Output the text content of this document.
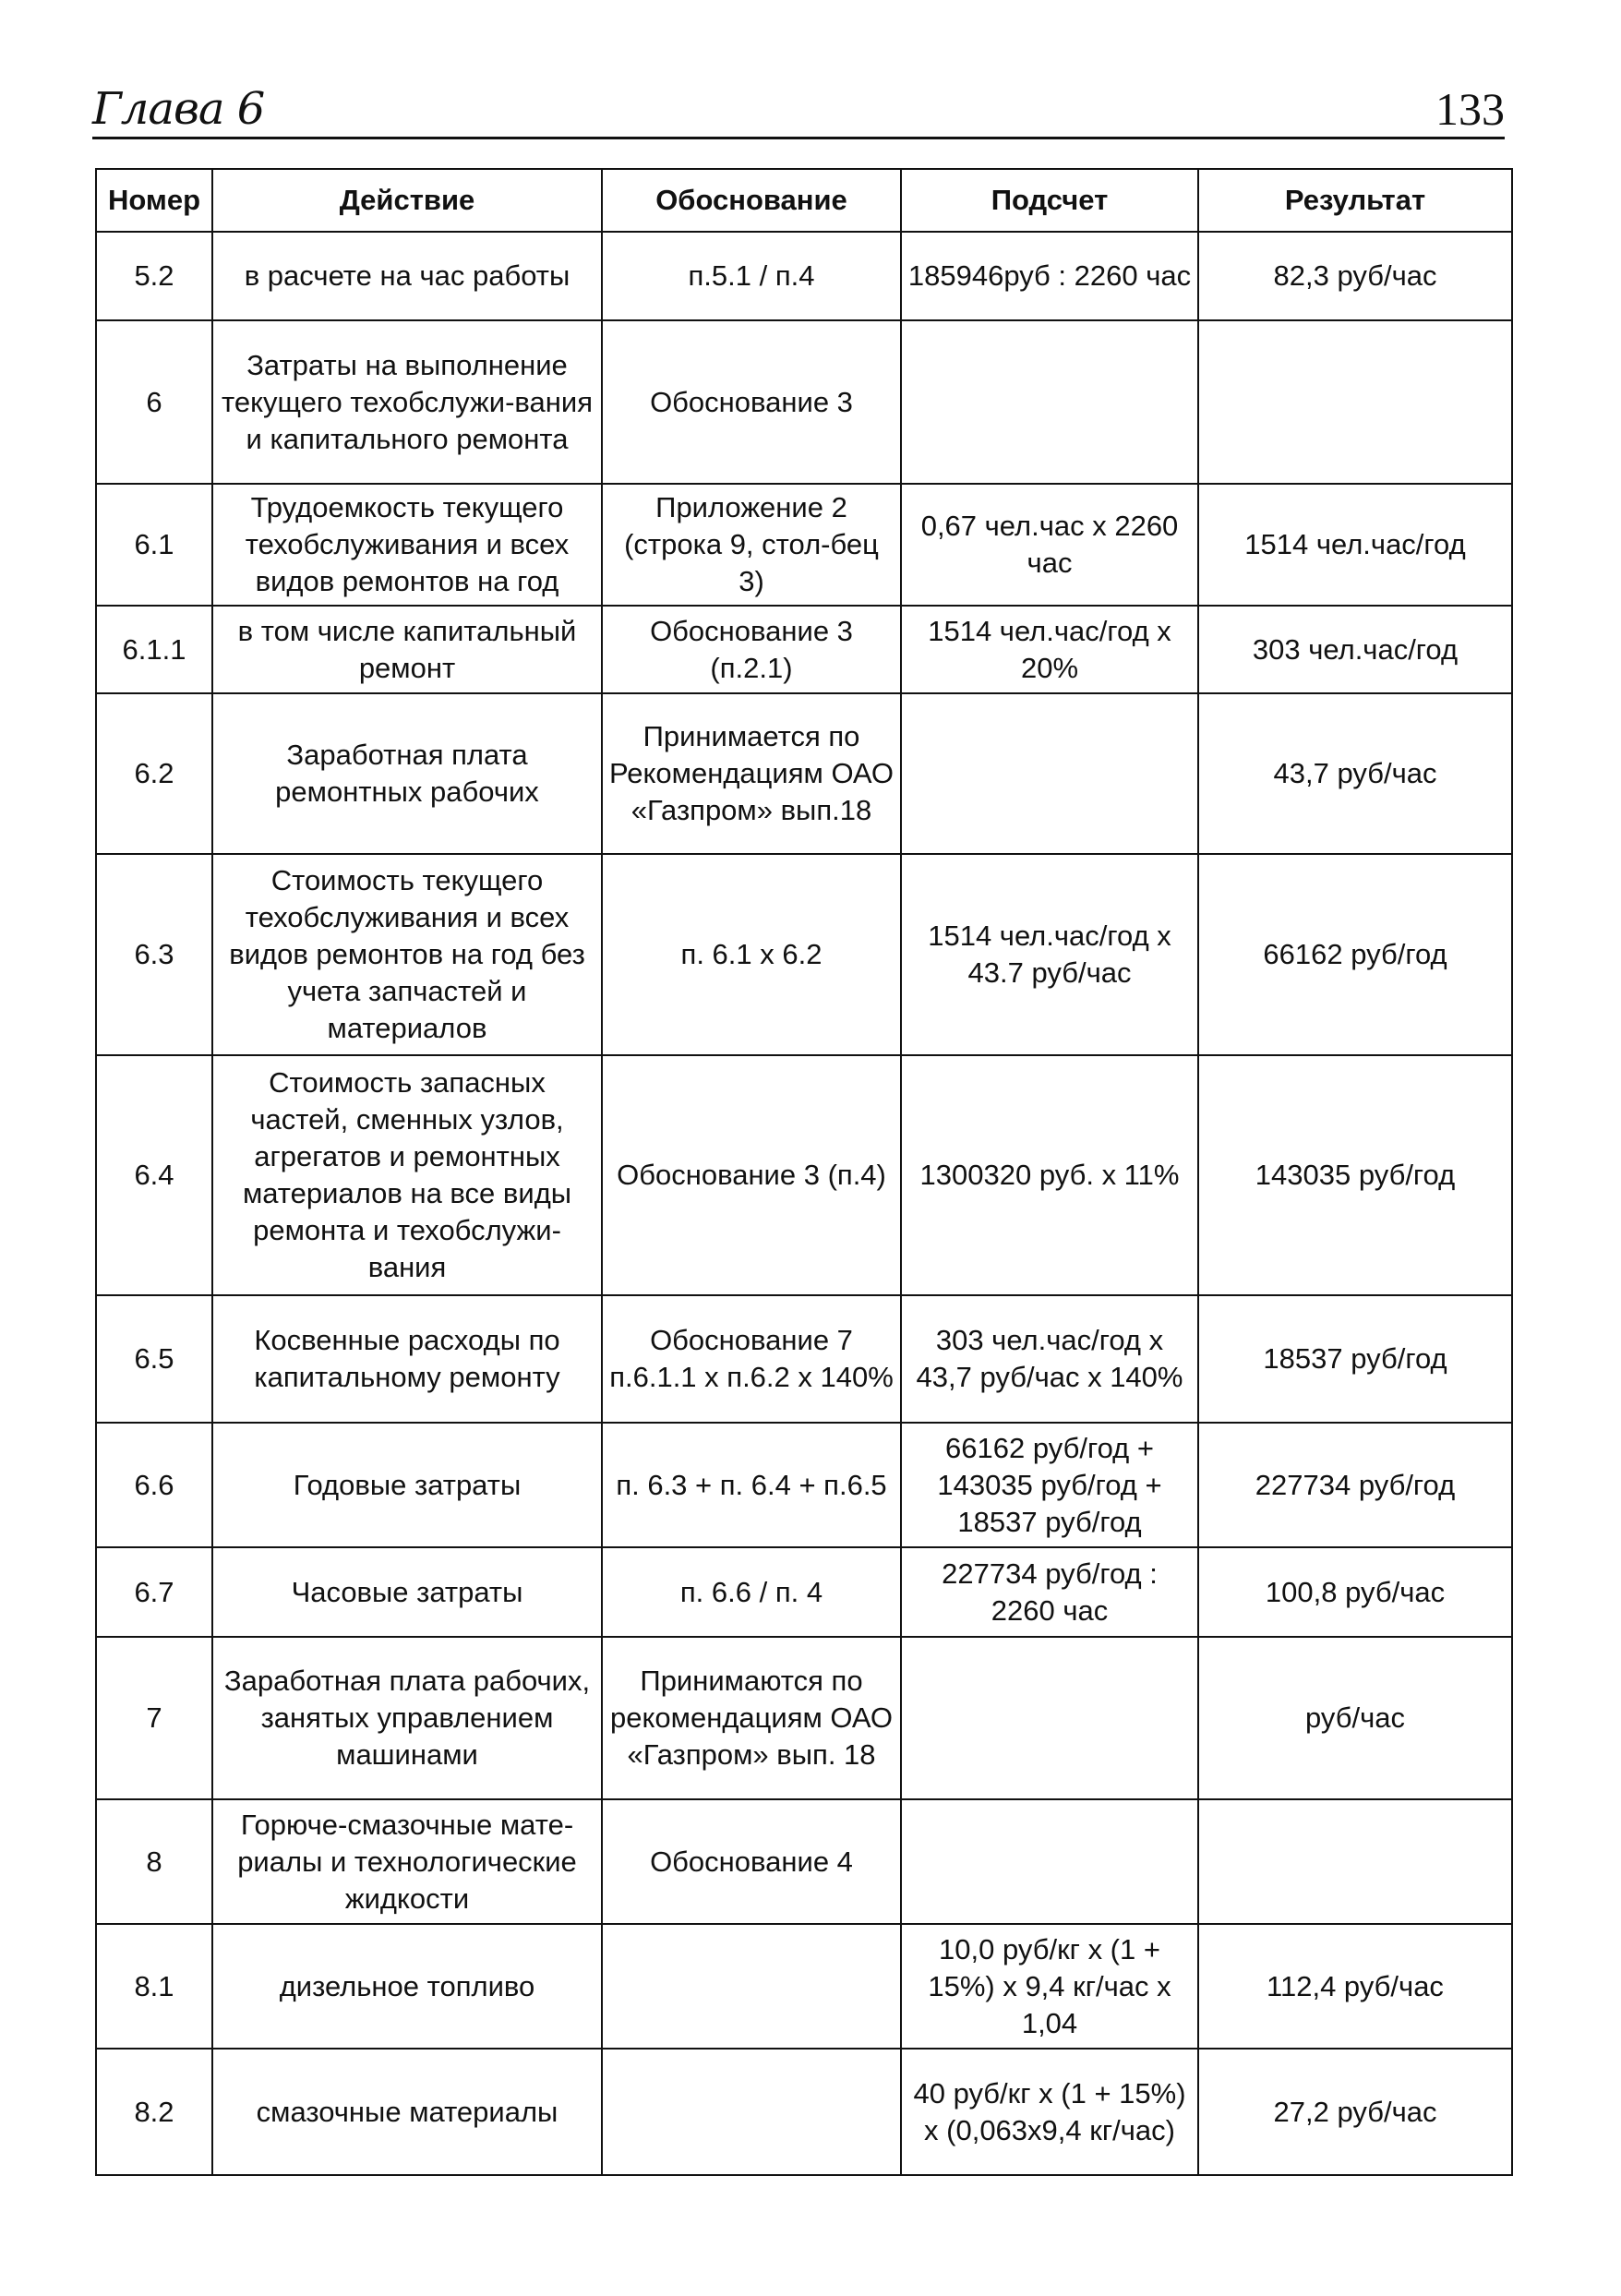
Глава 6	133
Номер	Действие	Обоснование	Подсчет	Результат
5.2	в расчете на час работы	п.5.1 / п.4	185946руб : 2260 час	82,3 руб/час
6	Затраты на выполнение текущего техобслужи-вания и капитального ремонта	Обоснование 3		
6.1	Трудоемкость текущего техобслуживания и всех видов ремонтов на год	Приложение 2 (строка 9, стол-бец 3)	0,67 чел.час х 2260 час	1514 чел.час/год
6.1.1	в том числе капитальный ремонт	Обоснование 3 (п.2.1)	1514 чел.час/год х 20%	303 чел.час/год
6.2	Заработная плата ремонтных рабочих	Принимается по Рекомендациям ОАО «Газпром» вып.18		43,7 руб/час
6.3	Стоимость текущего техобслуживания и всех видов ремонтов на год без учета запчастей и материалов	п. 6.1 х 6.2	1514 чел.час/год х 43.7 руб/час	66162 руб/год
6.4	Стоимость запасных частей, сменных узлов, агрегатов и ремонтных материалов на все виды ремонта и техобслужи-вания	Обоснование 3 (п.4)	1300320 руб. х 11%	143035 руб/год
6.5	Косвенные расходы по капитальному ремонту	Обоснование 7 п.6.1.1 х п.6.2 х 140%	303 чел.час/год х 43,7 руб/час х 140%	18537 руб/год
6.6	Годовые затраты	п. 6.3 + п. 6.4 + п.6.5	66162 руб/год + 143035 руб/год + 18537 руб/год	227734 руб/год
6.7	Часовые затраты	п. 6.6 / п. 4	227734 руб/год : 2260 час	100,8 руб/час
7	Заработная плата рабочих, занятых управлением машинами	Принимаются по рекомендациям ОАО «Газпром» вып. 18		руб/час
8	Горюче-смазочные мате-риалы и технологические жидкости	Обоснование 4		
8.1	дизельное топливо		10,0 руб/кг х (1 + 15%) х 9,4 кг/час х 1,04	112,4 руб/час
8.2	смазочные материалы		40 руб/кг х (1 + 15%) х (0,063х9,4 кг/час)	27,2 руб/час
